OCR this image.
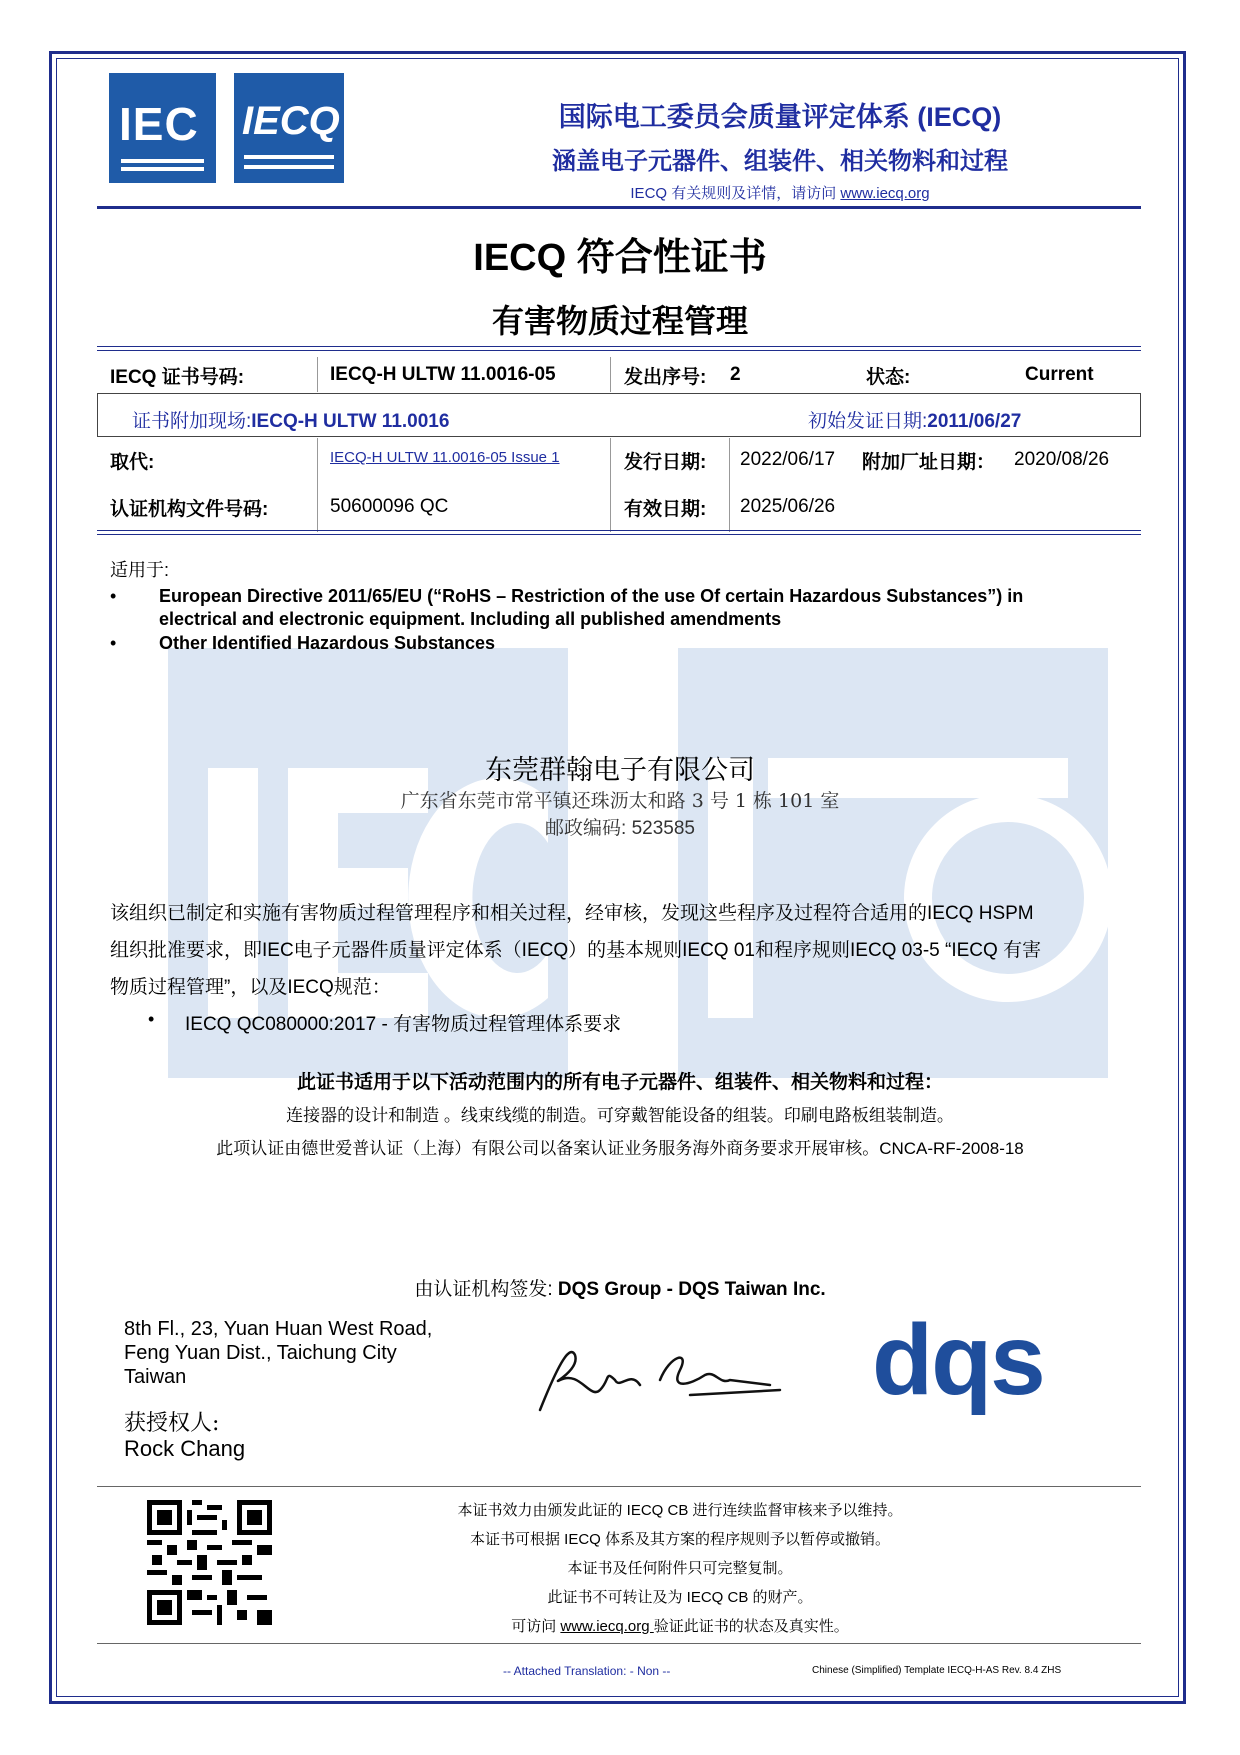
IEC IECQ	国际电工委员会质量评定体系 (IECQ)
涵盖电子元器件、组装件、相关物料和过程
IECQ 有关规则及详情，请访问 www.iecq.org
IECQ 符合性证书
有害物质过程管理
IECQ 证书号码:	IECQ-H ULTW 11.0016-05	发出序号: 2	状态:	Current
证书附加现场:IECQ-H ULTW 11.0016	初始发证日期:2011/06/27
取代:	IECQ-H ULTW 11.0016-05 Issue 1	发行日期: 2022/06/17 附加厂址日期： 2020/08/26
认证机构文件号码:	50600096 QC	有效日期: 2025/06/26
适用于:
• European Directive 2011/65/EU (“RoHS – Restriction of the use Of certain Hazardous Substances”) in
electrical and electronic equipment. Including all published amendments
• Other Identified Hazardous Substances
东莞群翰电子有限公司
广东省东莞市常平镇还珠沥太和路 3 号 1 栋 101 室
邮政编码: 523585
该组织已制定和实施有害物质过程管理程序和相关过程，经审核，发现这些程序及过程符合适用的IECQ HSPM
组织批准要求，即IEC电子元器件质量评定体系（IECQ）的基本规则IECQ 01和程序规则IECQ 03-5 “IECQ 有害
物质过程管理”，以及IECQ规范：
• IECQ QC080000:2017 - 有害物质过程管理体系要求
此证书适用于以下活动范围内的所有电子元器件、组装件、相关物料和过程：
连接器的设计和制造 。线束线缆的制造。可穿戴智能设备的组装。印刷电路板组装制造。
此项认证由德世爱普认证（上海）有限公司以备案认证业务服务海外商务要求开展审核。CNCA-RF-2008-18
由认证机构签发: DQS Group - DQS Taiwan Inc.
8th Fl., 23, Yuan Huan West Road,
Feng Yuan Dist., Taichung City
Taiwan
获授权人:
Rock Chang
dqs
本证书效力由颁发此证的 IECQ CB 进行连续监督审核来予以维持。
本证书可根据 IECQ 体系及其方案的程序规则予以暂停或撤销。
本证书及任何附件只可完整复制。
此证书不可转让及为 IECQ CB 的财产。
可访问 www.iecq.org 验证此证书的状态及真实性。
-- Attached Translation: - Non --	Chinese (Simplified) Template IECQ-H-AS Rev. 8.4 ZHS
